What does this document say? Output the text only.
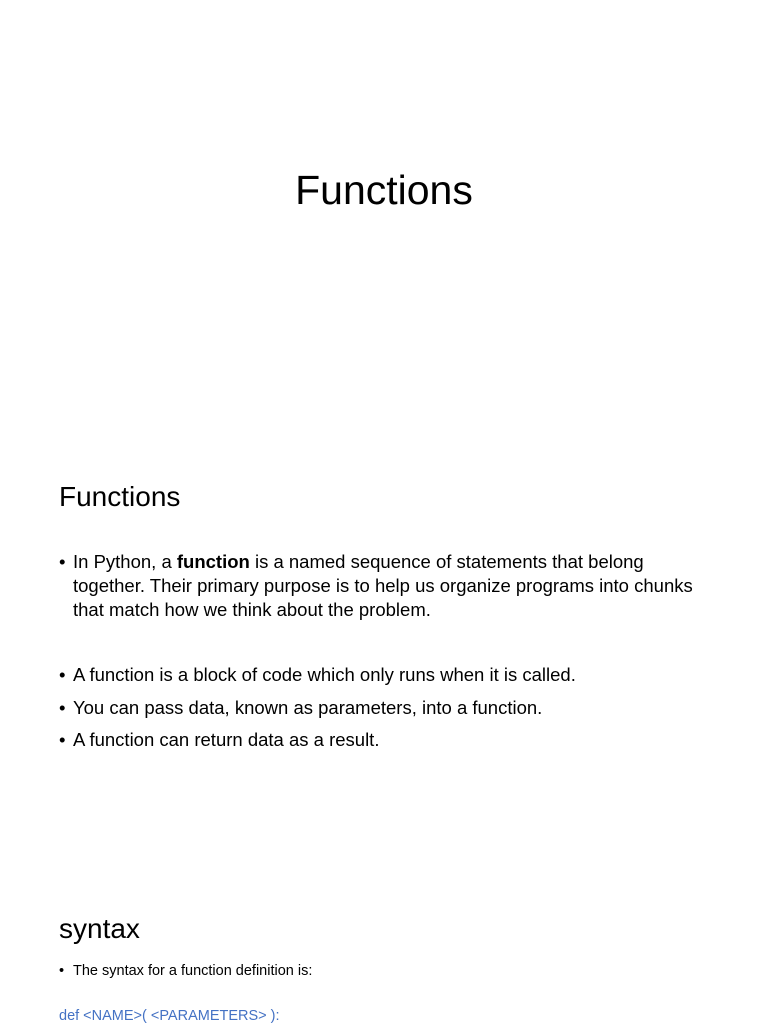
Functions
Functions
• In Python, a function is a named sequence of statements that belong together. Their primary purpose is to help us organize programs into chunks that match how we think about the problem.
• A function is a block of code which only runs when it is called.
• You can pass data, known as parameters, into a function.
• A function can return data as a result.
syntax
• The syntax for a function definition is:
def <NAME>( <PARAMETERS> ):
